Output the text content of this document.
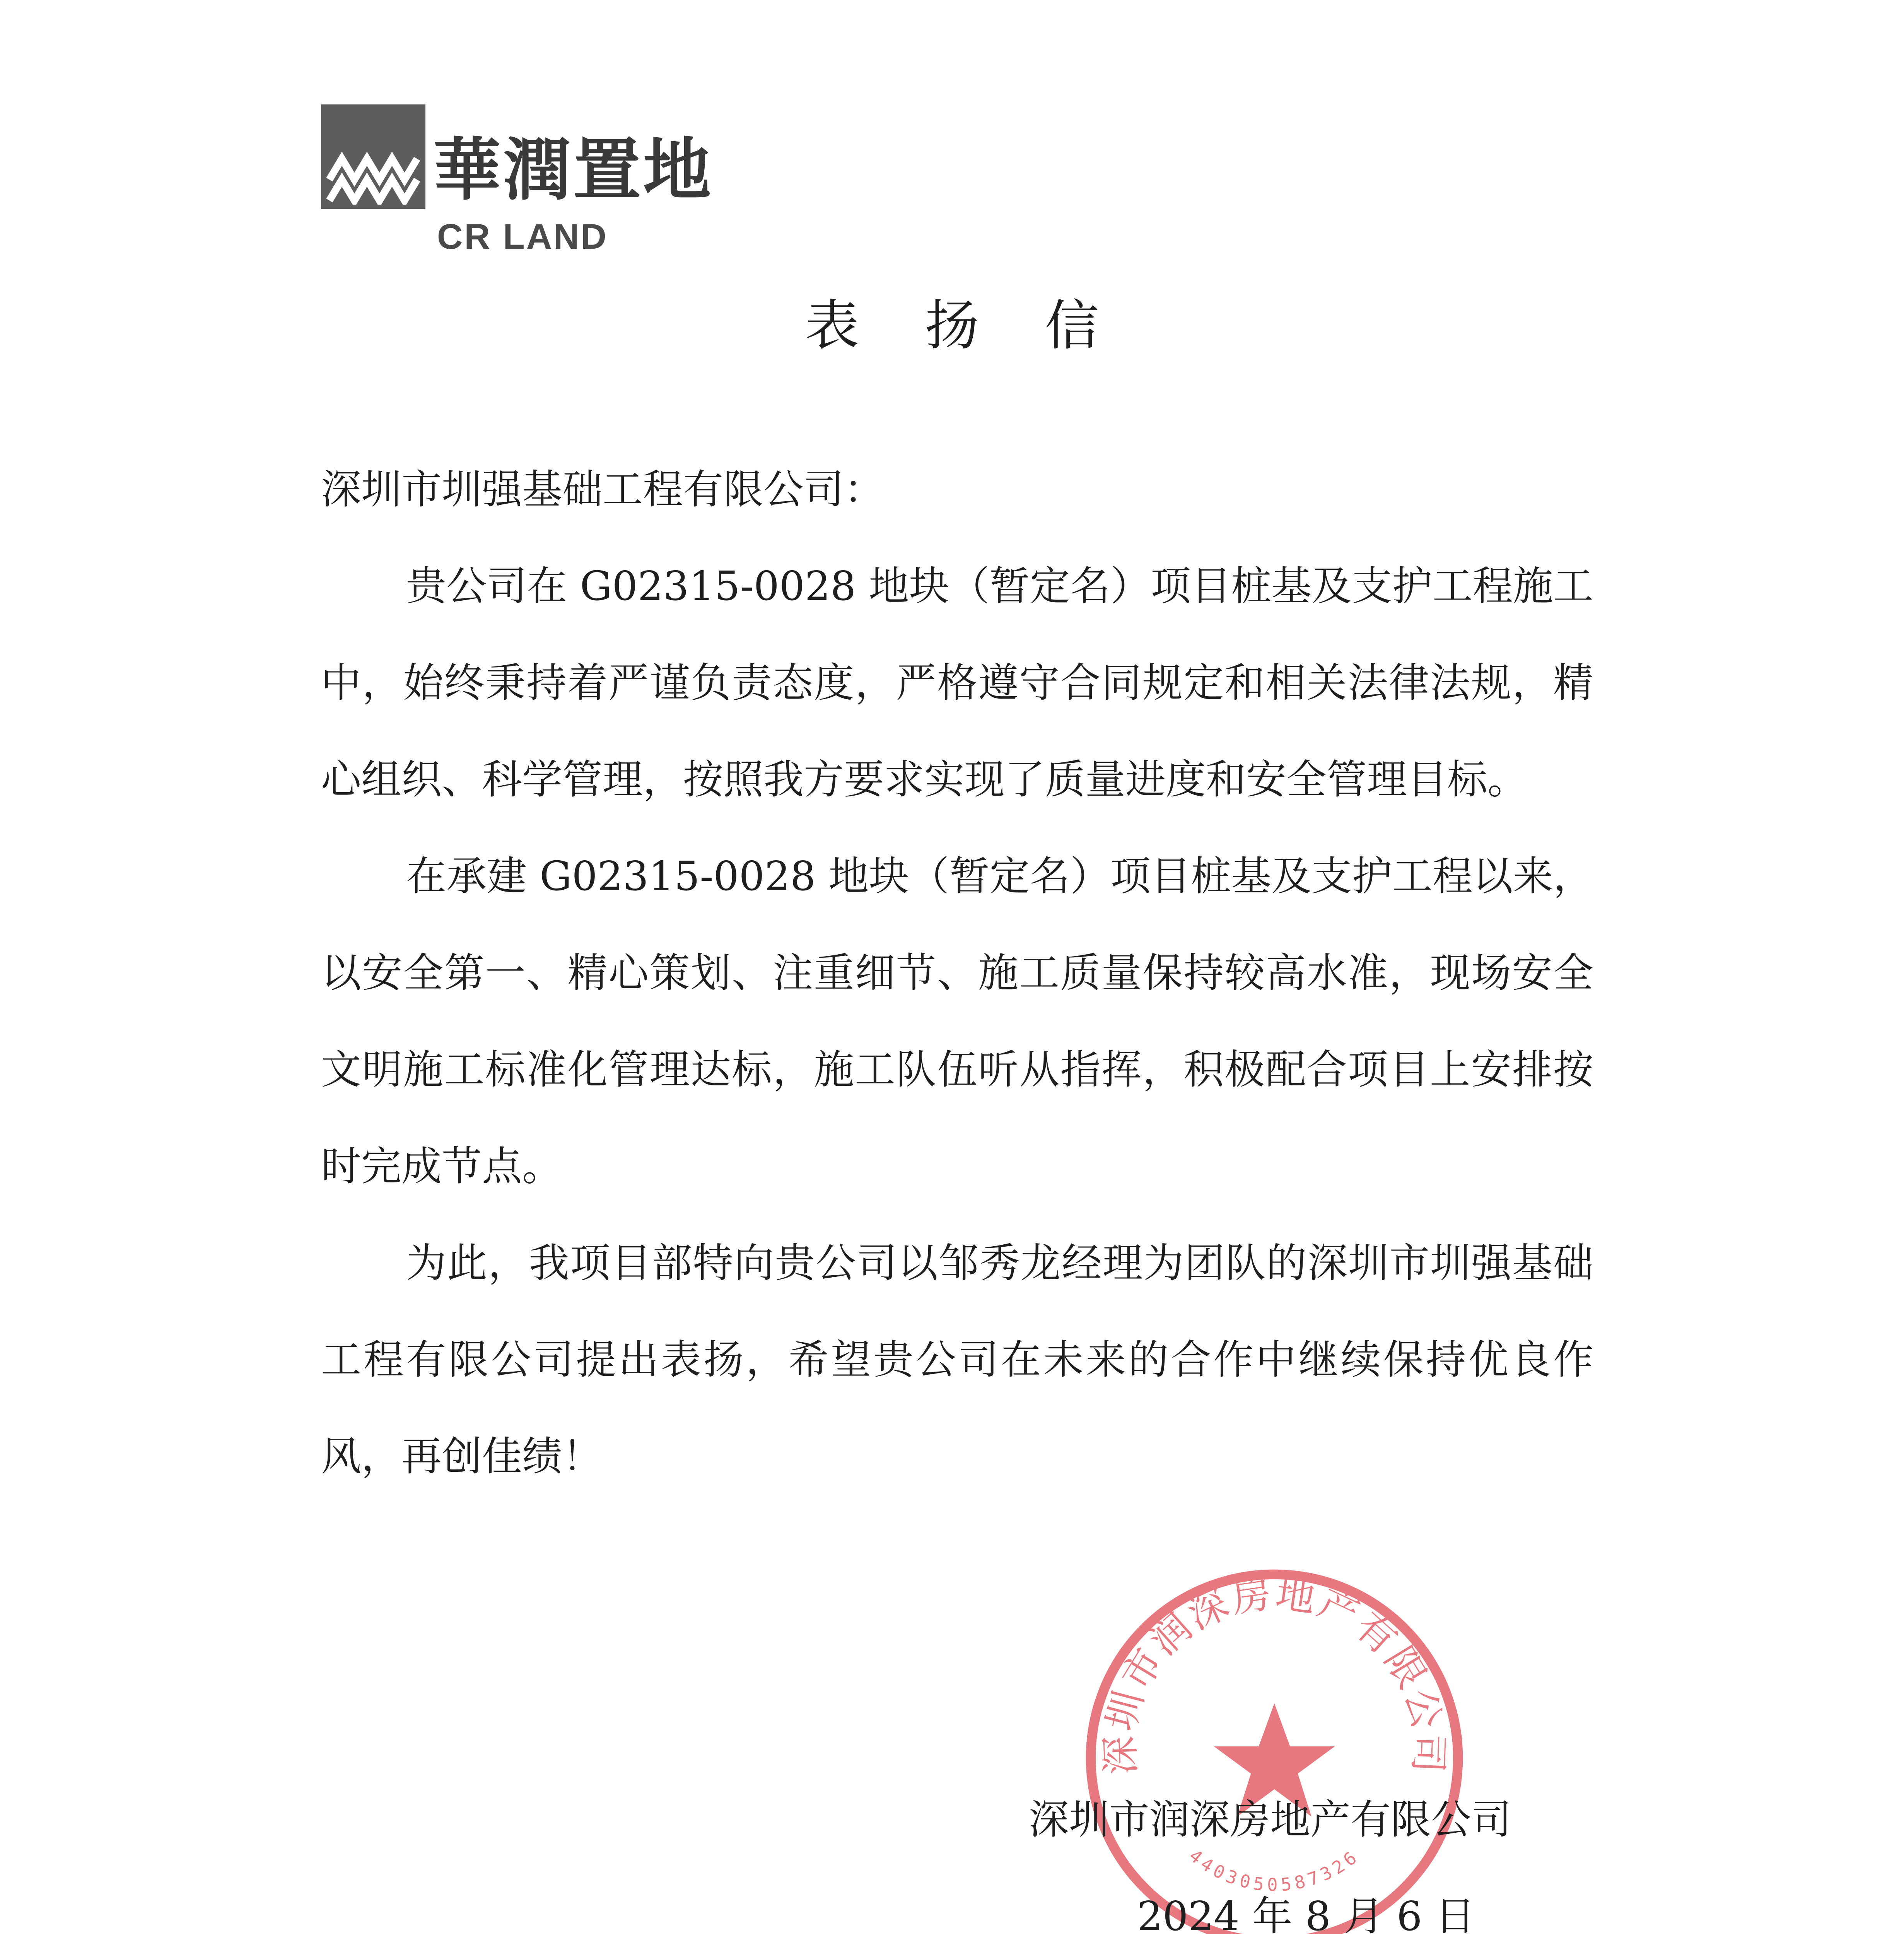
華潤置地
CR LAND
表扬信

深圳市圳强基础工程有限公司：

贵公司在 G02315-0028 地块（暂定名）项目桩基及支护工程施工中，始终秉持着严谨负责态度，严格遵守合同规定和相关法律法规，精心组织、科学管理，按照我方要求实现了质量进度和安全管理目标。

在承建 G02315-0028 地块（暂定名）项目桩基及支护工程以来，以安全第一、精心策划、注重细节、施工质量保持较高水准，现场安全文明施工标准化管理达标，施工队伍听从指挥，积极配合项目上安排按时完成节点。

为此，我项目部特向贵公司以邹秀龙经理为团队的深圳市圳强基础工程有限公司提出表扬，希望贵公司在未来的合作中继续保持优良作风，再创佳绩！

深圳市润深房地产有限公司
4403050587326
深圳市润深房地产有限公司
2024 年 8 月 6 日
